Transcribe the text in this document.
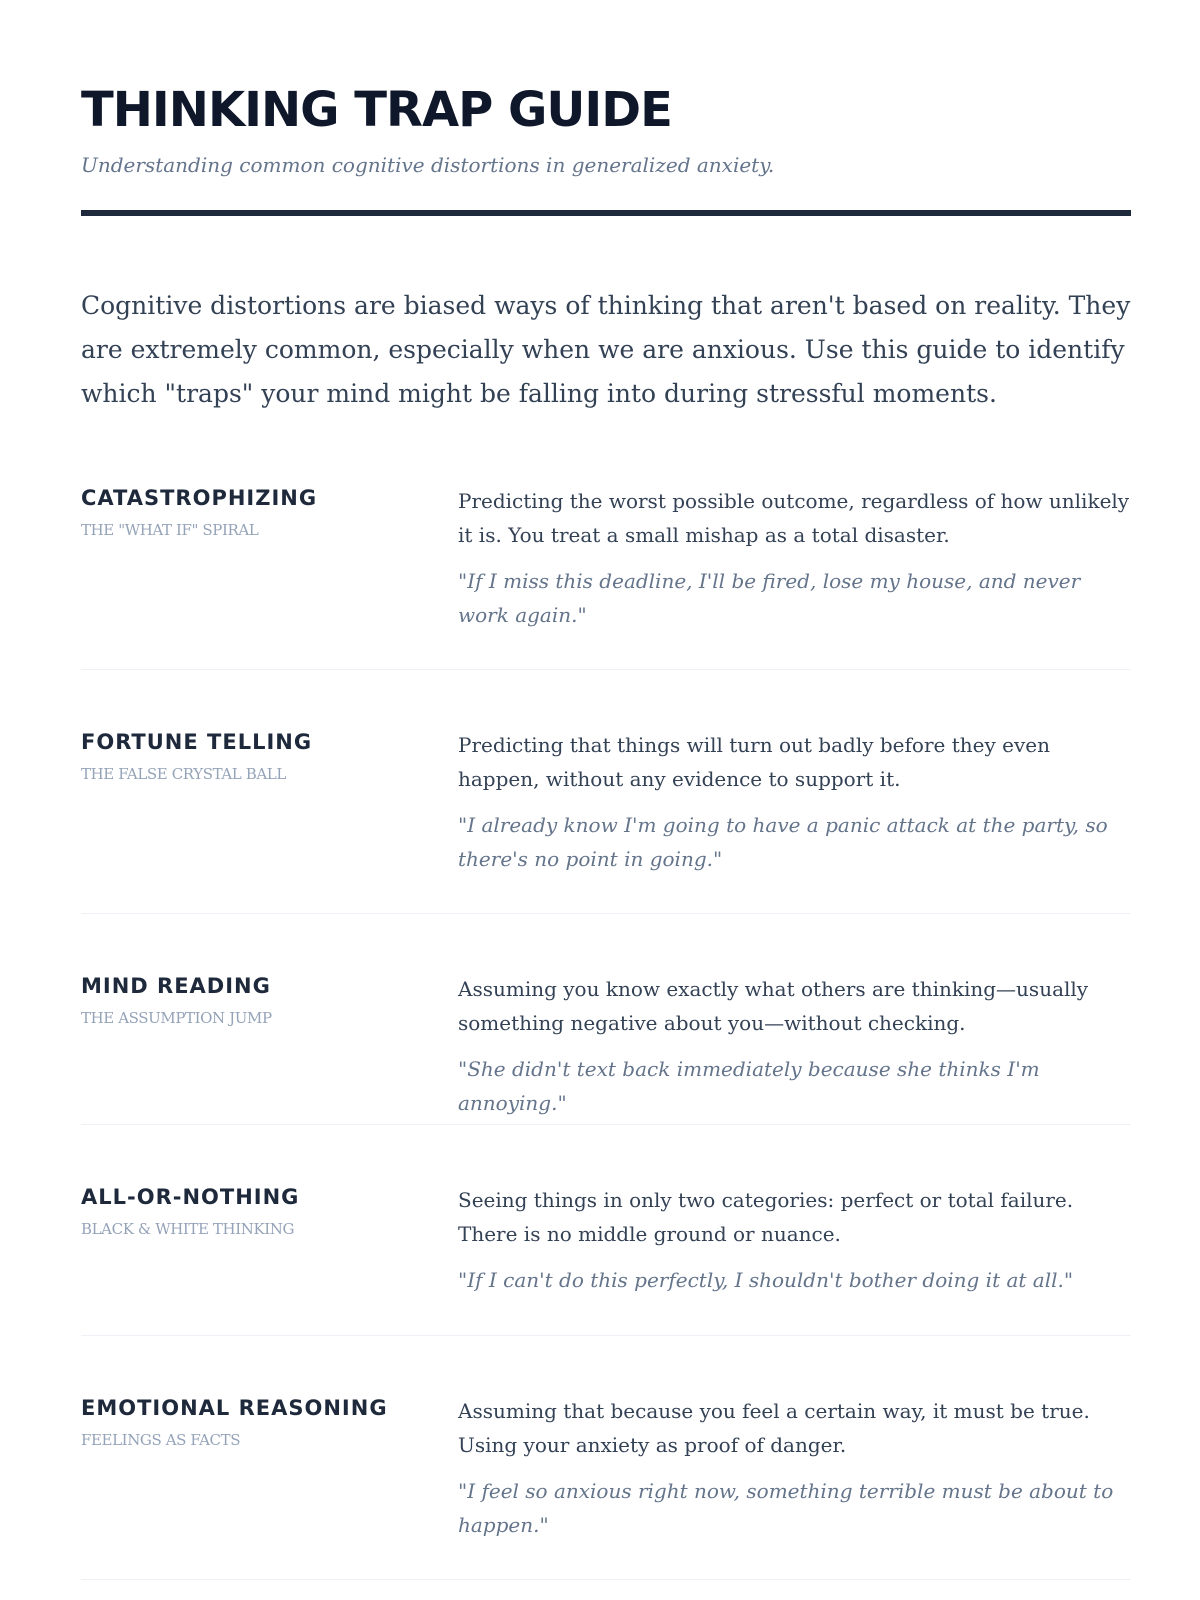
THINKING TRAP GUIDE

Understanding common cognitive distortions in generalized anxiety.

Cognitive distortions are biased ways of thinking that aren't based on reality. They are extremely common, especially when we are anxious. Use this guide to identify which "traps" your mind might be falling into during stressful moments.

CATASTROPHIZING
THE "WHAT IF" SPIRAL

Predicting the worst possible outcome, regardless of how unlikely it is. You treat a small mishap as a total disaster.

"If I miss this deadline, I'll be fired, lose my house, and never work again."

FORTUNE TELLING
THE FALSE CRYSTAL BALL

Predicting that things will turn out badly before they even happen, without any evidence to support it.

"I already know I'm going to have a panic attack at the party, so there's no point in going."

MIND READING
THE ASSUMPTION JUMP

Assuming you know exactly what others are thinking—usually something negative about you—without checking.

"She didn't text back immediately because she thinks I'm annoying."

ALL-OR-NOTHING
BLACK & WHITE THINKING

Seeing things in only two categories: perfect or total failure. There is no middle ground or nuance.

"If I can't do this perfectly, I shouldn't bother doing it at all."

EMOTIONAL REASONING
FEELINGS AS FACTS

Assuming that because you feel a certain way, it must be true. Using your anxiety as proof of danger.

"I feel so anxious right now, something terrible must be about to happen."
